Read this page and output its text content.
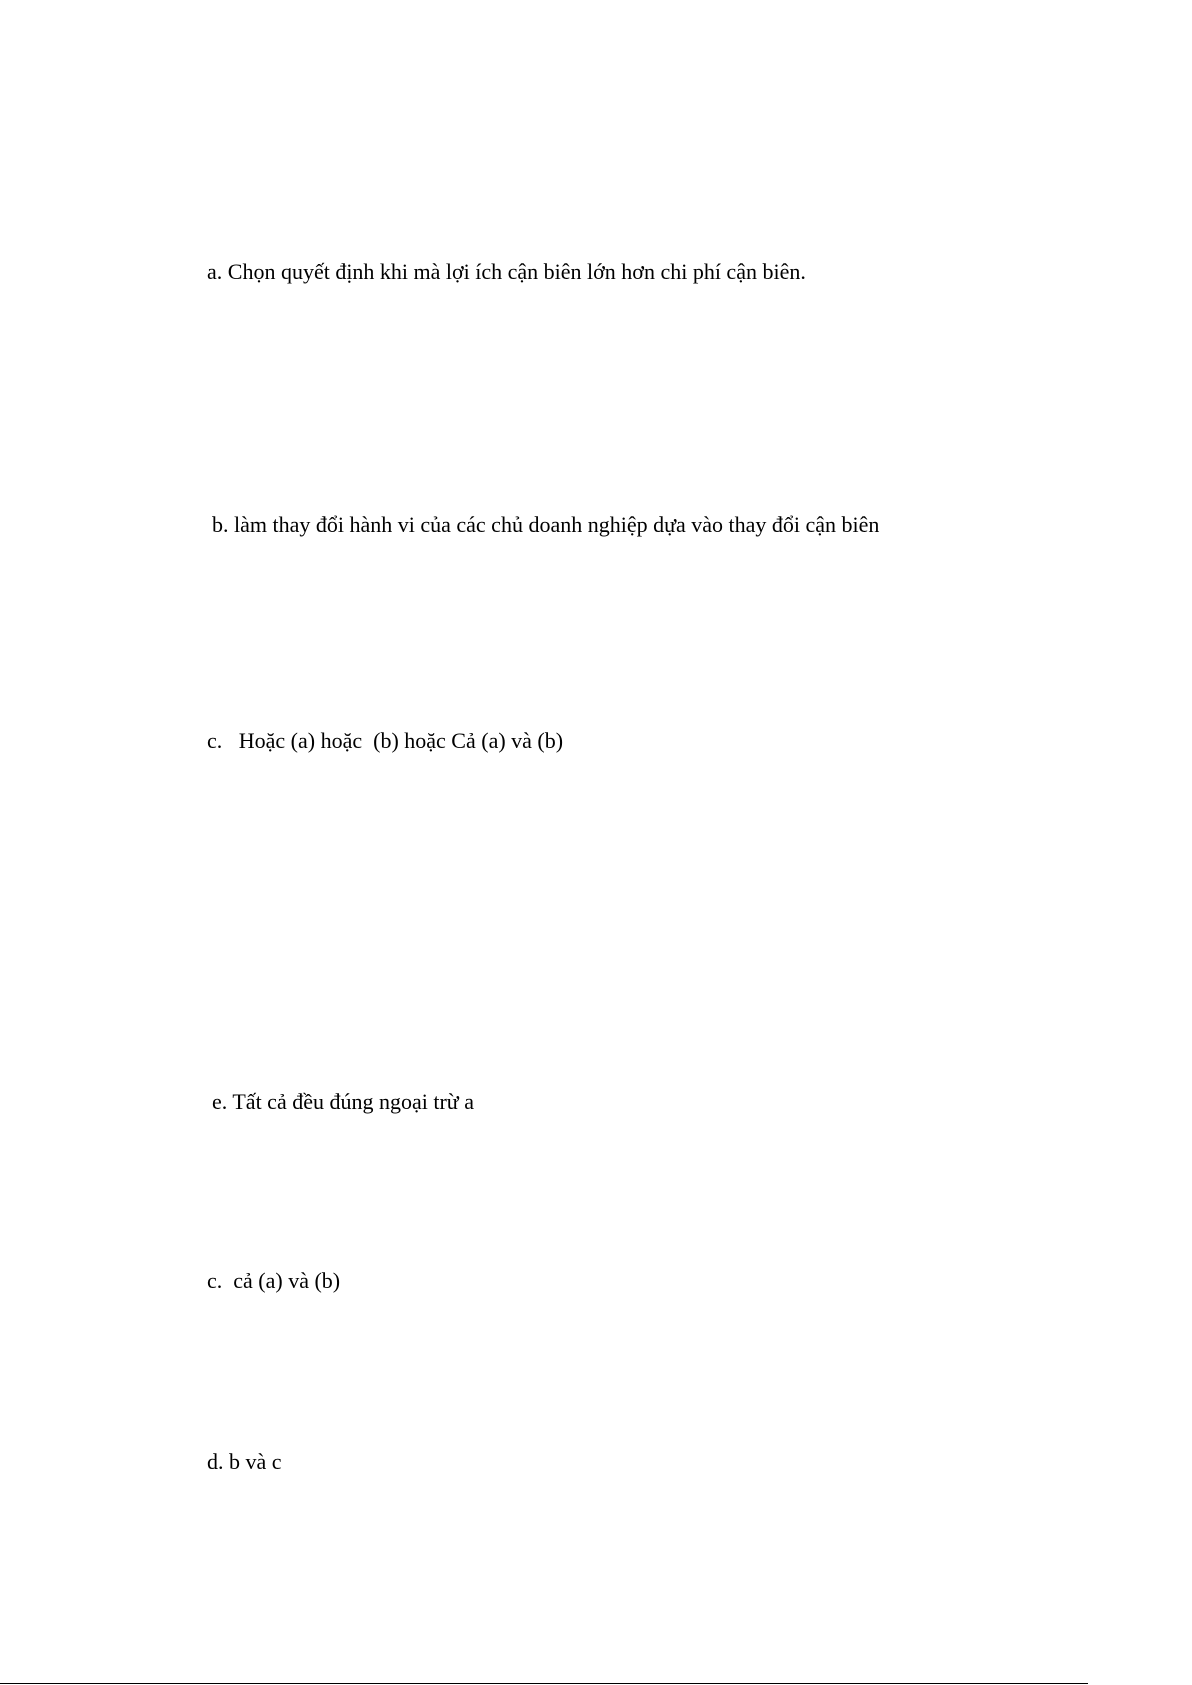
a. Chọn quyết định khi mà lợi ích cận biên lớn hơn chi phí cận biên.
b. làm thay đổi hành vi của các chủ doanh nghiệp dựa vào thay đổi cận biên
c.   Hoặc (a) hoặc  (b) hoặc Cả (a) và (b)
e. Tất cả đều đúng ngoại trừ a
c.  cả (a) và (b)
d. b và c
